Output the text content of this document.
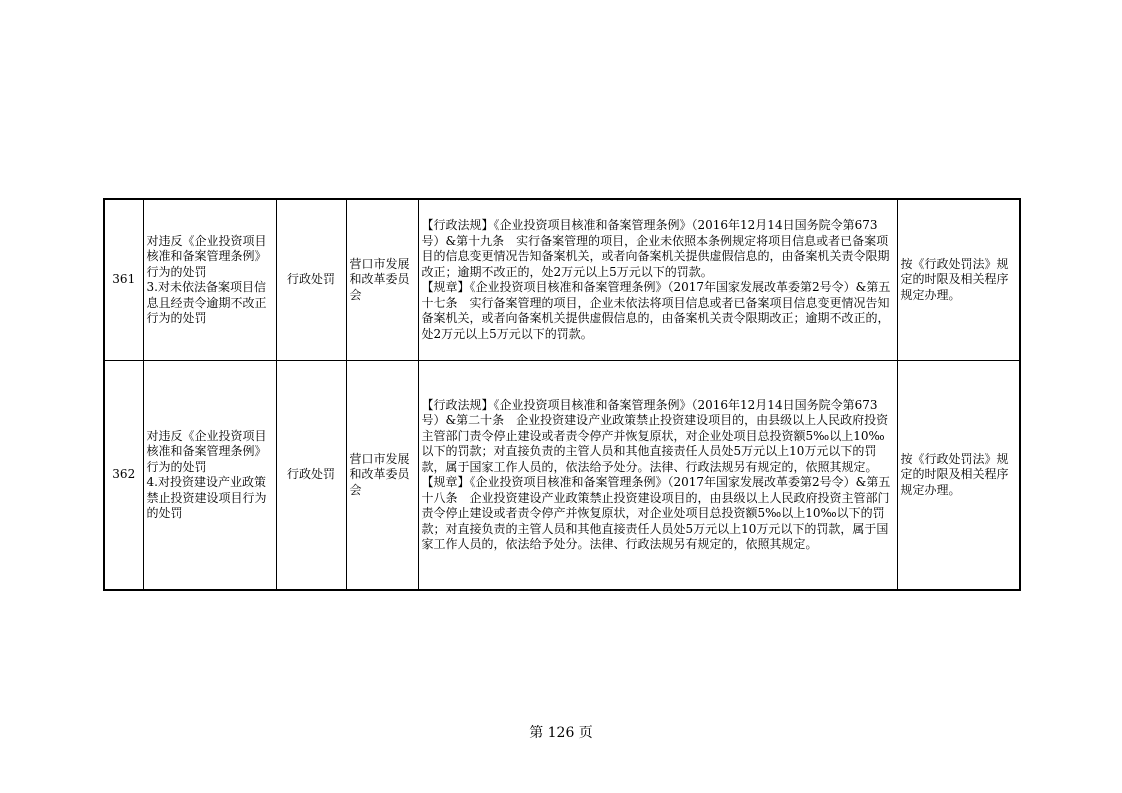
361	对违反《企业投资项目核准和备案管理条例》行为的处罚
3.对未依法备案项目信息且经责令逾期不改正行为的处罚	行政处罚	营口市发展和改革委员会	【行政法规】《企业投资项目核准和备案管理条例》（2016年12月14日国务院令第673号）&第十九条　实行备案管理的项目，企业未依照本条例规定将项目信息或者已备案项目的信息变更情况告知备案机关，或者向备案机关提供虚假信息的，由备案机关责令限期改正；逾期不改正的，处2万元以上5万元以下的罚款。
【规章】《企业投资项目核准和备案管理条例》（2017年国家发展改革委第2号令）&第五十七条　实行备案管理的项目，企业未依法将项目信息或者已备案项目信息变更情况告知备案机关，或者向备案机关提供虚假信息的，由备案机关责令限期改正；逾期不改正的，处2万元以上5万元以下的罚款。	按《行政处罚法》规定的时限及相关程序规定办理。
362	对违反《企业投资项目核准和备案管理条例》行为的处罚
4.对投资建设产业政策禁止投资建设项目行为的处罚	行政处罚	营口市发展和改革委员会	【行政法规】《企业投资项目核准和备案管理条例》（2016年12月14日国务院令第673号）&第二十条　企业投资建设产业政策禁止投资建设项目的，由县级以上人民政府投资主管部门责令停止建设或者责令停产并恢复原状，对企业处项目总投资额5‰以上10‰以下的罚款；对直接负责的主管人员和其他直接责任人员处5万元以上10万元以下的罚款，属于国家工作人员的，依法给予处分。法律、行政法规另有规定的，依照其规定。【规章】《企业投资项目核准和备案管理条例》（2017年国家发展改革委第2号令）&第五十八条　企业投资建设产业政策禁止投资建设项目的，由县级以上人民政府投资主管部门责令停止建设或者责令停产并恢复原状，对企业处项目总投资额5‰以上10‰以下的罚款；对直接负责的主管人员和其他直接责任人员处5万元以上10万元以下的罚款，属于国家工作人员的，依法给予处分。法律、行政法规另有规定的，依照其规定。	按《行政处罚法》规定的时限及相关程序规定办理。
第 126 页
